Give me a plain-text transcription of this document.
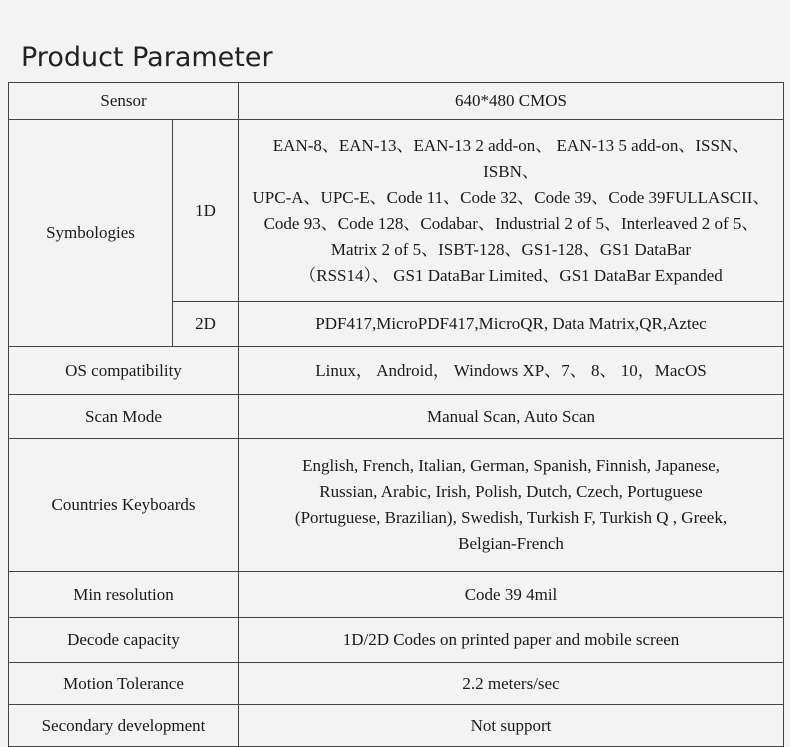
Product Parameter
Sensor		640*480 CMOS
Symbologies	1D	EAN-8、EAN-13、EAN-13 2 add-on、 EAN-13 5 add-on、ISSN、ISBN、
UPC-A、UPC-E、Code 11、Code 32、Code 39、Code 39FULLASCII、
Code 93、Code 128、Codabar、Industrial 2 of 5、Interleaved 2 of 5、
Matrix 2 of 5、ISBT-128、GS1-128、GS1 DataBar
（RSS14）、 GS1 DataBar Limited、GS1 DataBar Expanded

	2D	PDF417,MicroPDF417,MicroQR, Data Matrix,QR,Aztec
OS compatibility		Linux， Android， Windows XP、7、 8、 10，MacOS
Scan Mode		Manual Scan, Auto Scan
Countries Keyboards		English, French, Italian, German, Spanish, Finnish, Japanese,
Russian, Arabic, Irish, Polish, Dutch, Czech, Portuguese
(Portuguese, Brazilian), Swedish, Turkish F, Turkish Q , Greek,
Belgian-French

Min resolution		Code 39 4mil
Decode capacity		1D/2D Codes on printed paper and mobile screen
Motion Tolerance		2.2 meters/sec
Secondary development		Not support
